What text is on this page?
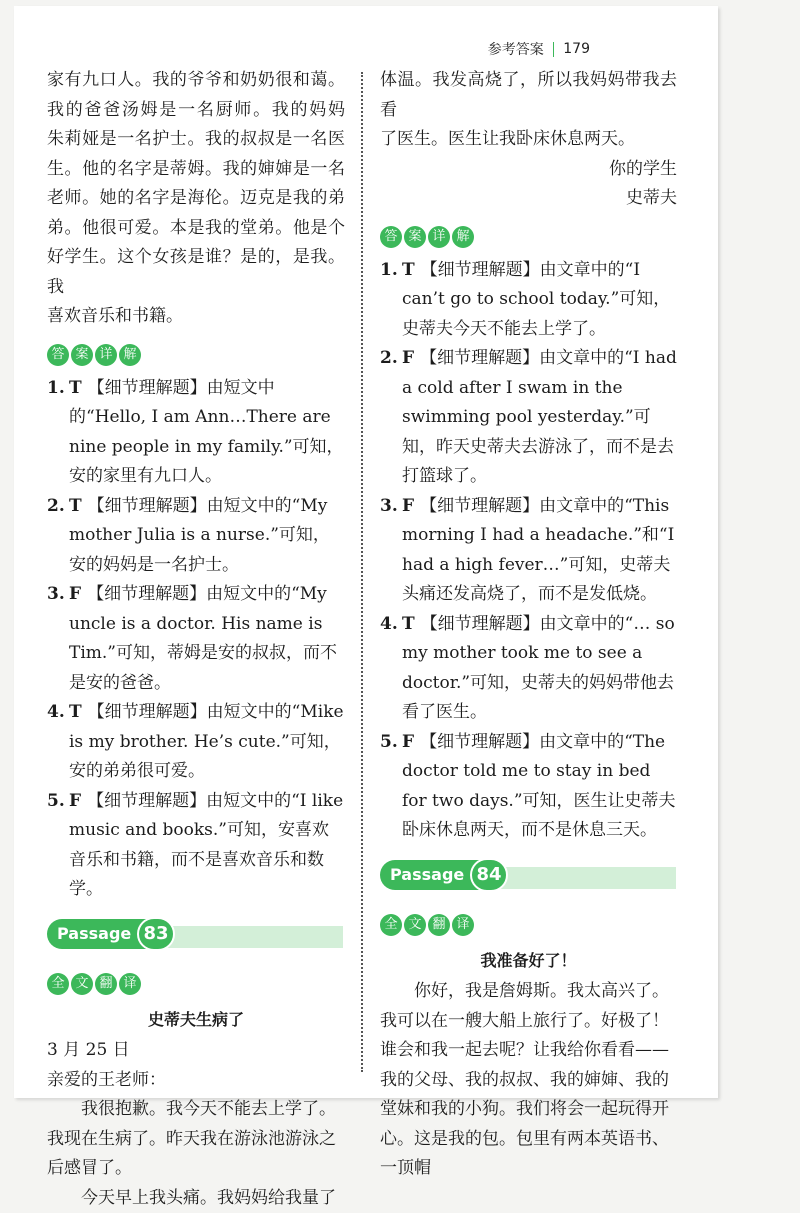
参考答案 179
家有九口人。我的爷爷和奶奶很和蔼。
我的爸爸汤姆是一名厨师。我的妈妈
朱莉娅是一名护士。我的叔叔是一名医
生。他的名字是蒂姆。我的婶婶是一名
老师。她的名字是海伦。迈克是我的弟
弟。他很可爱。本是我的堂弟。他是个
好学生。这个女孩是谁？是的，是我。我
喜欢音乐和书籍。
答 案 详 解
1. T 【细节理解题】由短文中的“Hello, I am Ann…There are nine people in my family.”可知，安的家里有九口人。
2. T 【细节理解题】由短文中的“My mother Julia is a nurse.”可知，安的妈妈是一名护士。
3. F 【细节理解题】由短文中的“My uncle is a doctor. His name is Tim.”可知，蒂姆是安的叔叔，而不是安的爸爸。
4. T 【细节理解题】由短文中的“Mike is my brother. He’s cute.”可知，安的弟弟很可爱。
5. F 【细节理解题】由短文中的“I like music and books.”可知，安喜欢音乐和书籍，而不是喜欢音乐和数学。
Passage 83
全 文 翻 译
史蒂夫生病了

3 月 25 日

亲爱的王老师：

我很抱歉。我今天不能去上学了。我现在生病了。昨天我在游泳池游泳之后感冒了。

今天早上我头痛。我妈妈给我量了

体温。我发高烧了，所以我妈妈带我去看
了医生。医生让我卧床休息两天。

你的学生

史蒂夫

答 案 详 解
1. T 【细节理解题】由文章中的“I can’t go to school today.”可知，史蒂夫今天不能去上学了。
2. F 【细节理解题】由文章中的“I had a cold after I swam in the swimming pool yesterday.”可知，昨天史蒂夫去游泳了，而不是去打篮球了。
3. F 【细节理解题】由文章中的“This morning I had a headache.”和“I had a high fever…”可知，史蒂夫头痛还发高烧了，而不是发低烧。
4. T 【细节理解题】由文章中的“… so my mother took me to see a doctor.”可知，史蒂夫的妈妈带他去看了医生。
5. F 【细节理解题】由文章中的“The doctor told me to stay in bed for two days.”可知，医生让史蒂夫卧床休息两天，而不是休息三天。
Passage 84
全 文 翻 译
我准备好了！

你好，我是詹姆斯。我太高兴了。我可以在一艘大船上旅行了。好极了！谁会和我一起去呢？让我给你看看——我的父母、我的叔叔、我的婶婶、我的堂妹和我的小狗。我们将会一起玩得开心。这是我的包。包里有两本英语书、一顶帽
